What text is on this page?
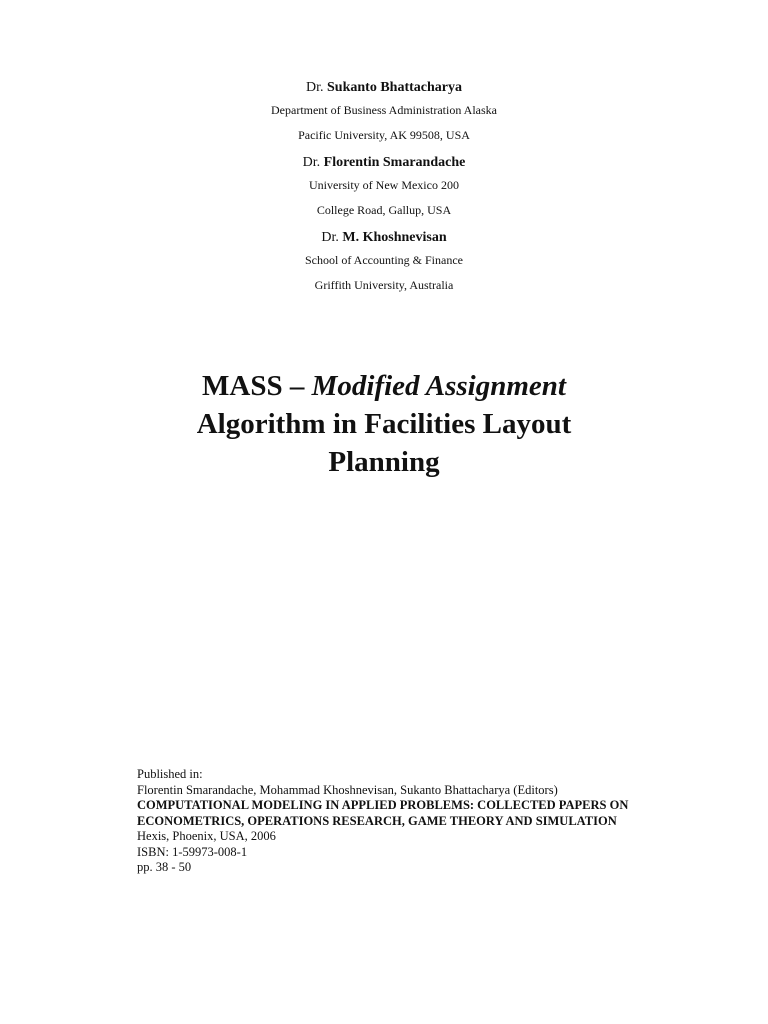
Dr. Sukanto Bhattacharya
Department of Business Administration Alaska
Pacific University, AK 99508, USA
Dr. Florentin Smarandache
University of New Mexico 200
College Road, Gallup, USA
Dr. M. Khoshnevisan
School of Accounting & Finance
Griffith University, Australia
MASS – Modified Assignment
Algorithm in Facilities Layout
Planning
Published in:
Florentin Smarandache, Mohammad Khoshnevisan, Sukanto Bhattacharya (Editors)
COMPUTATIONAL MODELING IN APPLIED PROBLEMS: COLLECTED PAPERS ON
ECONOMETRICS, OPERATIONS RESEARCH, GAME THEORY AND SIMULATION
Hexis, Phoenix, USA, 2006
ISBN: 1-59973-008-1
pp. 38 - 50
